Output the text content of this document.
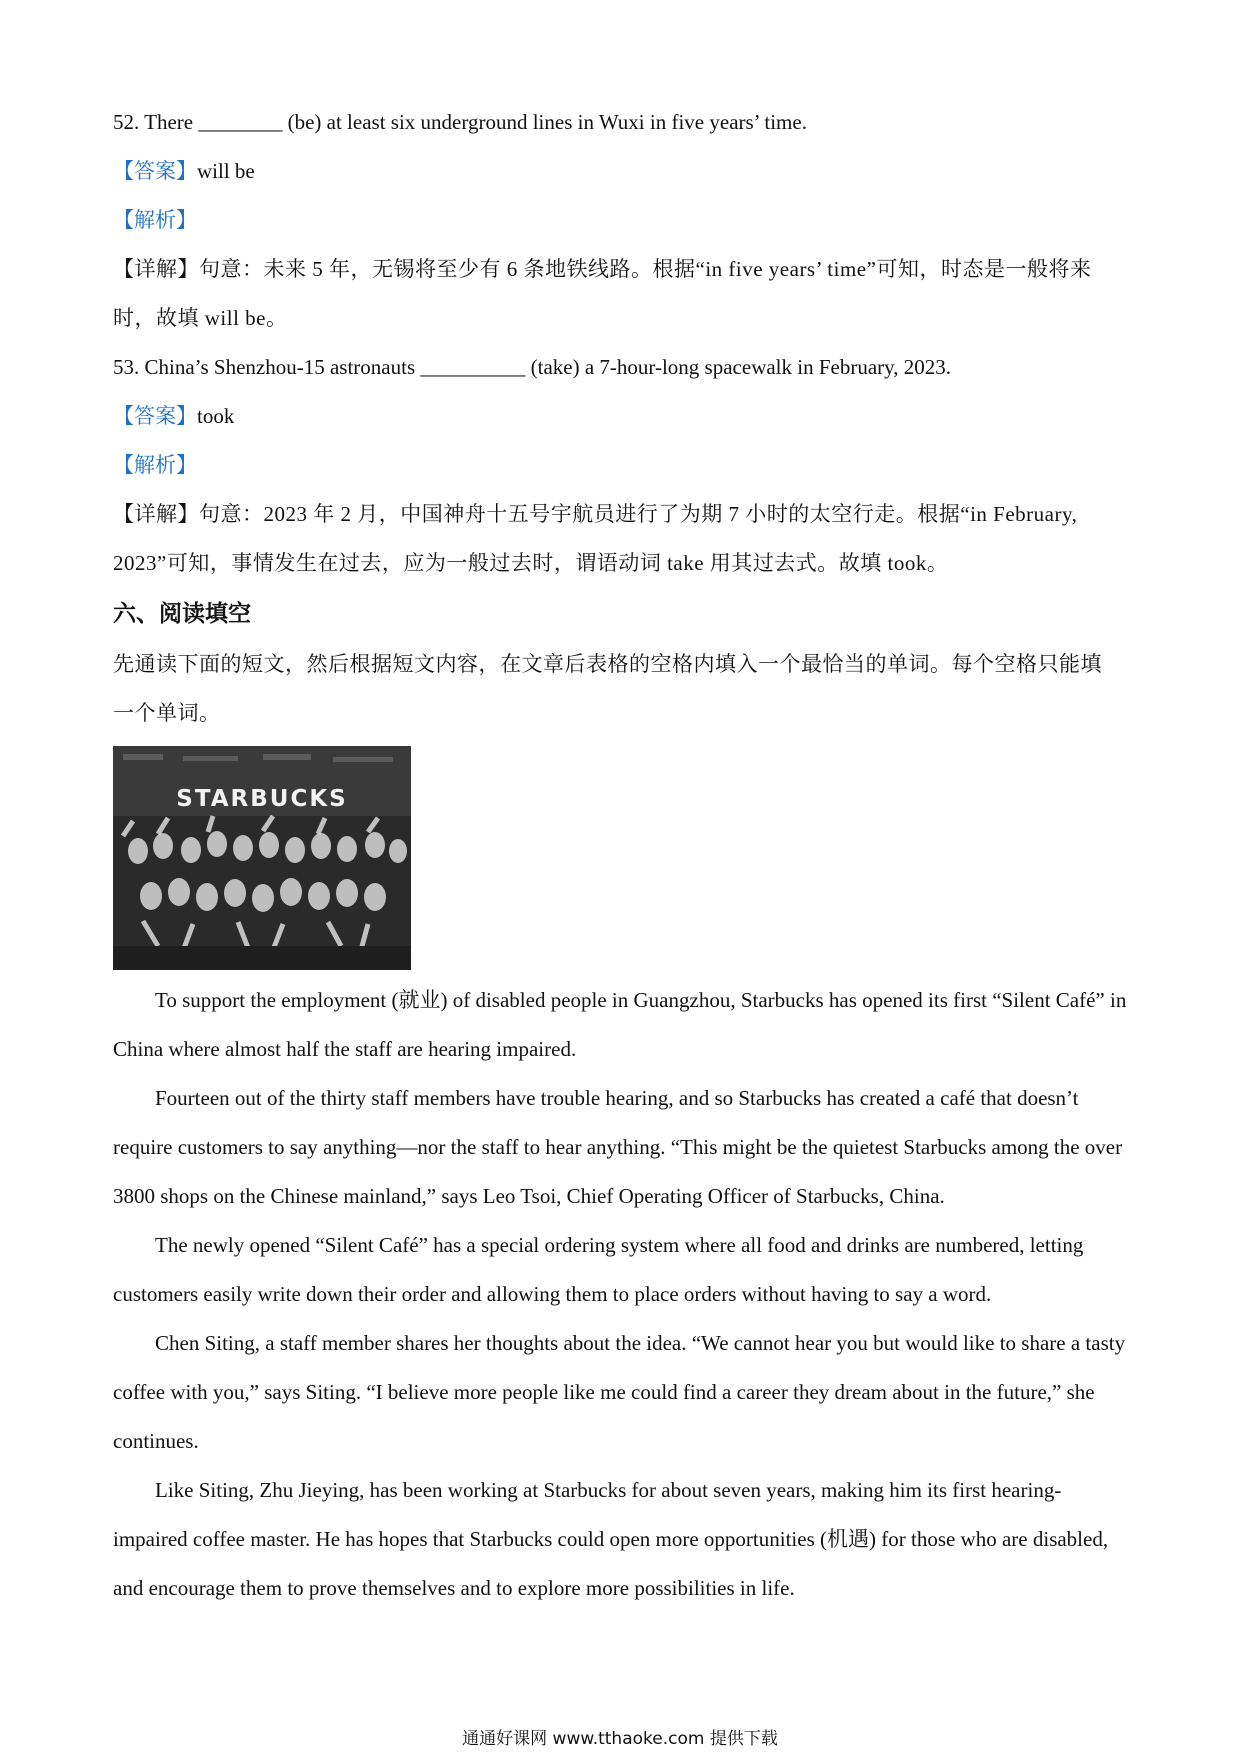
52. There ________ (be) at least six underground lines in Wuxi in five years’ time.
【答案】will be
【解析】
【详解】句意：未来 5 年，无锡将至少有 6 条地铁线路。根据“in five years’ time”可知，时态是一般将来
时，故填 will be。
53. China’s Shenzhou-15 astronauts __________ (take) a 7-hour-long spacewalk in February, 2023.
【答案】took
【解析】
【详解】句意：2023 年 2 月，中国神舟十五号宇航员进行了为期 7 小时的太空行走。根据“in February,
2023”可知，事情发生在过去，应为一般过去时，谓语动词 take 用其过去式。故填 took。
六、阅读填空
先通读下面的短文，然后根据短文内容，在文章后表格的空格内填入一个最恰当的单词。每个空格只能填
一个单词。
STARBUCKS
To support the employment (就业) of disabled people in Guangzhou, Starbucks has opened its first “Silent Café” in China where almost half the staff are hearing impaired.
Fourteen out of the thirty staff members have trouble hearing, and so Starbucks has created a café that doesn’t require customers to say anything—nor the staff to hear anything. “This might be the quietest Starbucks among the over 3800 shops on the Chinese mainland,” says Leo Tsoi, Chief Operating Officer of Starbucks, China.
The newly opened “Silent Café” has a special ordering system where all food and drinks are numbered, letting customers easily write down their order and allowing them to place orders without having to say a word.
Chen Siting, a staff member shares her thoughts about the idea. “We cannot hear you but would like to share a tasty coffee with you,” says Siting. “I believe more people like me could find a career they dream about in the future,” she continues.
Like Siting, Zhu Jieying, has been working at Starbucks for about seven years, making him its first hearing-impaired coffee master. He has hopes that Starbucks could open more opportunities (机遇) for those who are disabled, and encourage them to prove themselves and to explore more possibilities in life.
通通好课网 www.tthaoke.com 提供下载
